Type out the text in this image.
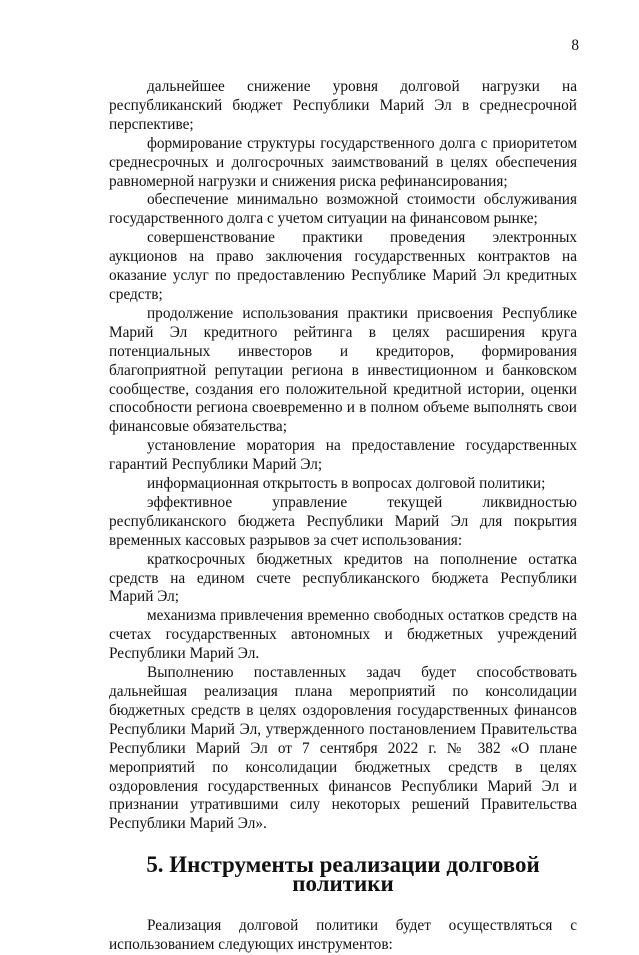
8

дальнейшее снижение уровня долговой нагрузки на республиканский бюджет Республики Марий Эл в среднесрочной перспективе;

формирование структуры государственного долга с приоритетом среднесрочных и долгосрочных заимствований в целях обеспечения равномерной нагрузки и снижения риска рефинансирования;

обеспечение минимально возможной стоимости обслуживания государственного долга с учетом ситуации на финансовом рынке;

совершенствование практики проведения электронных аукционов на право заключения государственных контрактов на оказание услуг по предоставлению Республике Марий Эл кредитных средств;

продолжение использования практики присвоения Республике Марий Эл кредитного рейтинга в целях расширения круга потенциальных инвесторов и кредиторов, формирования благоприятной репутации региона в инвестиционном и банковском сообществе, создания его положительной кредитной истории, оценки способности региона своевременно и в полном объеме выполнять свои финансовые обязательства;

установление моратория на предоставление государственных гарантий Республики Марий Эл;

информационная открытость в вопросах долговой политики;

эффективное управление текущей ликвидностью республиканского бюджета Республики Марий Эл для покрытия временных кассовых разрывов за счет использования:

краткосрочных бюджетных кредитов на пополнение остатка средств на едином счете республиканского бюджета Республики Марий Эл;

механизма привлечения временно свободных остатков средств на счетах государственных автономных и бюджетных учреждений Республики Марий Эл.

Выполнению поставленных задач будет способствовать дальнейшая реализация плана мероприятий по консолидации бюджетных средств в целях оздоровления государственных финансов Республики Марий Эл, утвержденного постановлением Правительства Республики Марий Эл от 7 сентября 2022 г. № 382 «О плане мероприятий по консолидации бюджетных средств в целях оздоровления государственных финансов Республики Марий Эл и признании утратившими силу некоторых решений Правительства Республики Марий Эл».

5. Инструменты реализации долговой политики

Реализация долговой политики будет осуществляться с использованием следующих инструментов:
